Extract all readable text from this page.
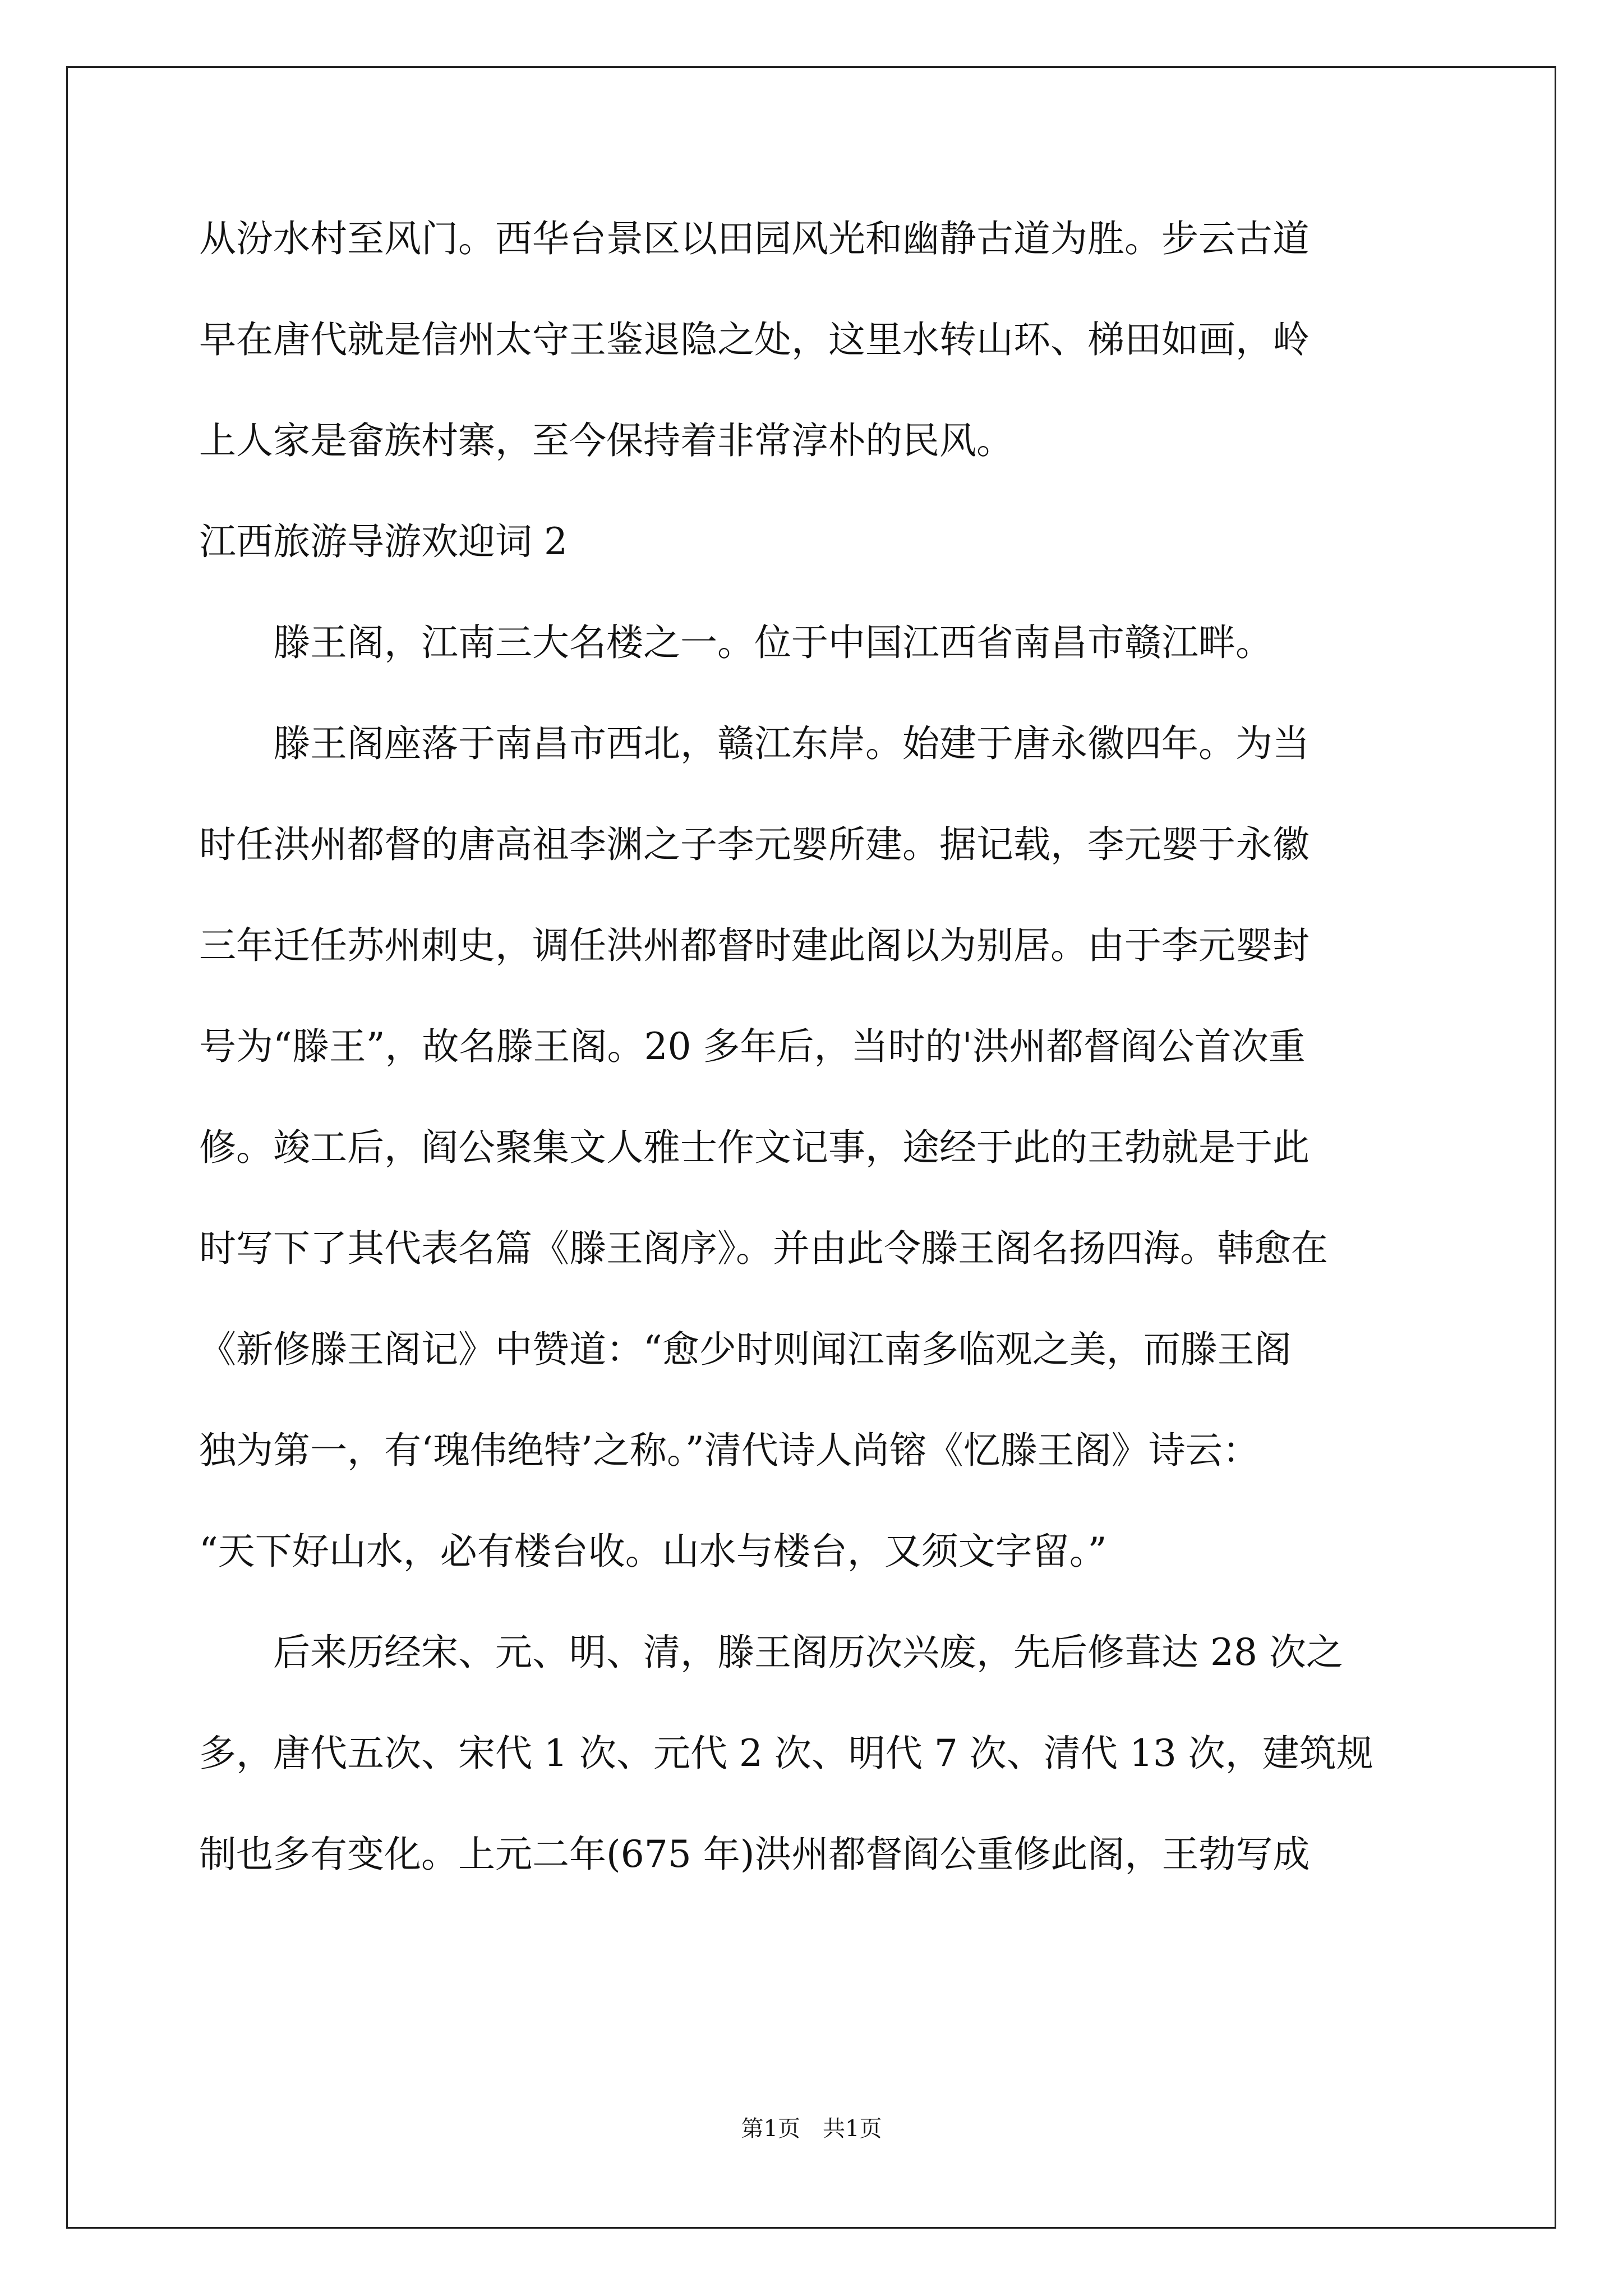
从汾水村至风门。西华台景区以田园风光和幽静古道为胜。步云古道

早在唐代就是信州太守王鉴退隐之处，这里水转山环、梯田如画，岭

上人家是畲族村寨，至今保持着非常淳朴的民风。

江西旅游导游欢迎词 2

　　滕王阁，江南三大名楼之一。位于中国江西省南昌市赣江畔。

　　滕王阁座落于南昌市西北，赣江东岸。始建于唐永徽四年。为当

时任洪州都督的唐高祖李渊之子李元婴所建。据记载，李元婴于永徽

三年迁任苏州刺史，调任洪州都督时建此阁以为别居。由于李元婴封

号为“滕王”，故名滕王阁。20 多年后，当时的'洪州都督阎公首次重

修。竣工后，阎公聚集文人雅士作文记事，途经于此的王勃就是于此

时写下了其代表名篇《滕王阁序》。并由此令滕王阁名扬四海。韩愈在

《新修滕王阁记》中赞道：“愈少时则闻江南多临观之美，而滕王阁

独为第一，有‘瑰伟绝特’之称。”清代诗人尚镕《忆滕王阁》诗云：

“天下好山水，必有楼台收。山水与楼台，又须文字留。”

　　后来历经宋、元、明、清，滕王阁历次兴废，先后修葺达 28 次之

多，唐代五次、宋代 1 次、元代 2 次、明代 7 次、清代 13 次，建筑规

制也多有变化。上元二年(675 年)洪州都督阎公重修此阁，王勃写成

第1页　共1页
